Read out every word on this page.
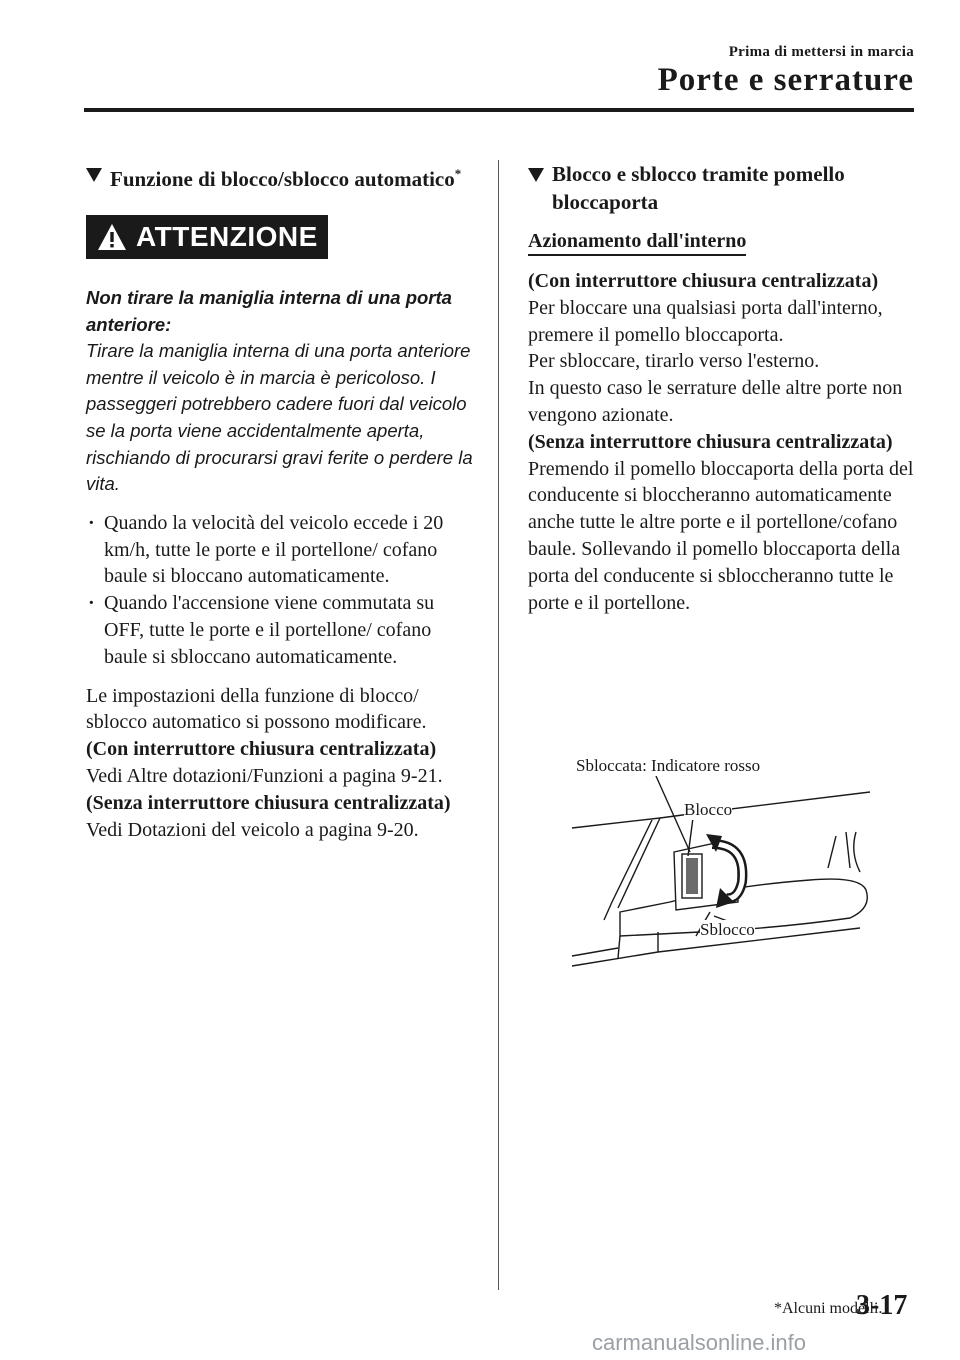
Prima di mettersi in marcia
Porte e serrature
Funzione di blocco/sblocco automatico*
ATTENZIONE
Non tirare la maniglia interna di una porta anteriore:
Tirare la maniglia interna di una porta anteriore mentre il veicolo è in marcia è pericoloso. I passeggeri potrebbero cadere fuori dal veicolo se la porta viene accidentalmente aperta, rischiando di procurarsi gravi ferite o perdere la vita.
· Quando la velocità del veicolo eccede i 20 km/h, tutte le porte e il portellone/ cofano baule si bloccano automaticamente.
· Quando l'accensione viene commutata su OFF, tutte le porte e il portellone/ cofano baule si sbloccano automaticamente.
Le impostazioni della funzione di blocco/ sblocco automatico si possono modificare.
(Con interruttore chiusura centralizzata)
Vedi Altre dotazioni/Funzioni a pagina 9-21.
(Senza interruttore chiusura centralizzata)
Vedi Dotazioni del veicolo a pagina 9-20.
Blocco e sblocco tramite pomello bloccaporta
Azionamento dall'interno
(Con interruttore chiusura centralizzata)
Per bloccare una qualsiasi porta dall'interno, premere il pomello bloccaporta.
Per sbloccare, tirarlo verso l'esterno.
In questo caso le serrature delle altre porte non vengono azionate.
(Senza interruttore chiusura centralizzata)
Premendo il pomello bloccaporta della porta del conducente si bloccheranno automaticamente anche tutte le altre porte e il portellone/cofano baule. Sollevando il pomello bloccaporta della porta del conducente si sbloccheranno tutte le porte e il portellone.
Sbloccata: Indicatore rosso
Blocco
Sblocco
*Alcuni modelli.
3-17
carmanualsonline.info
